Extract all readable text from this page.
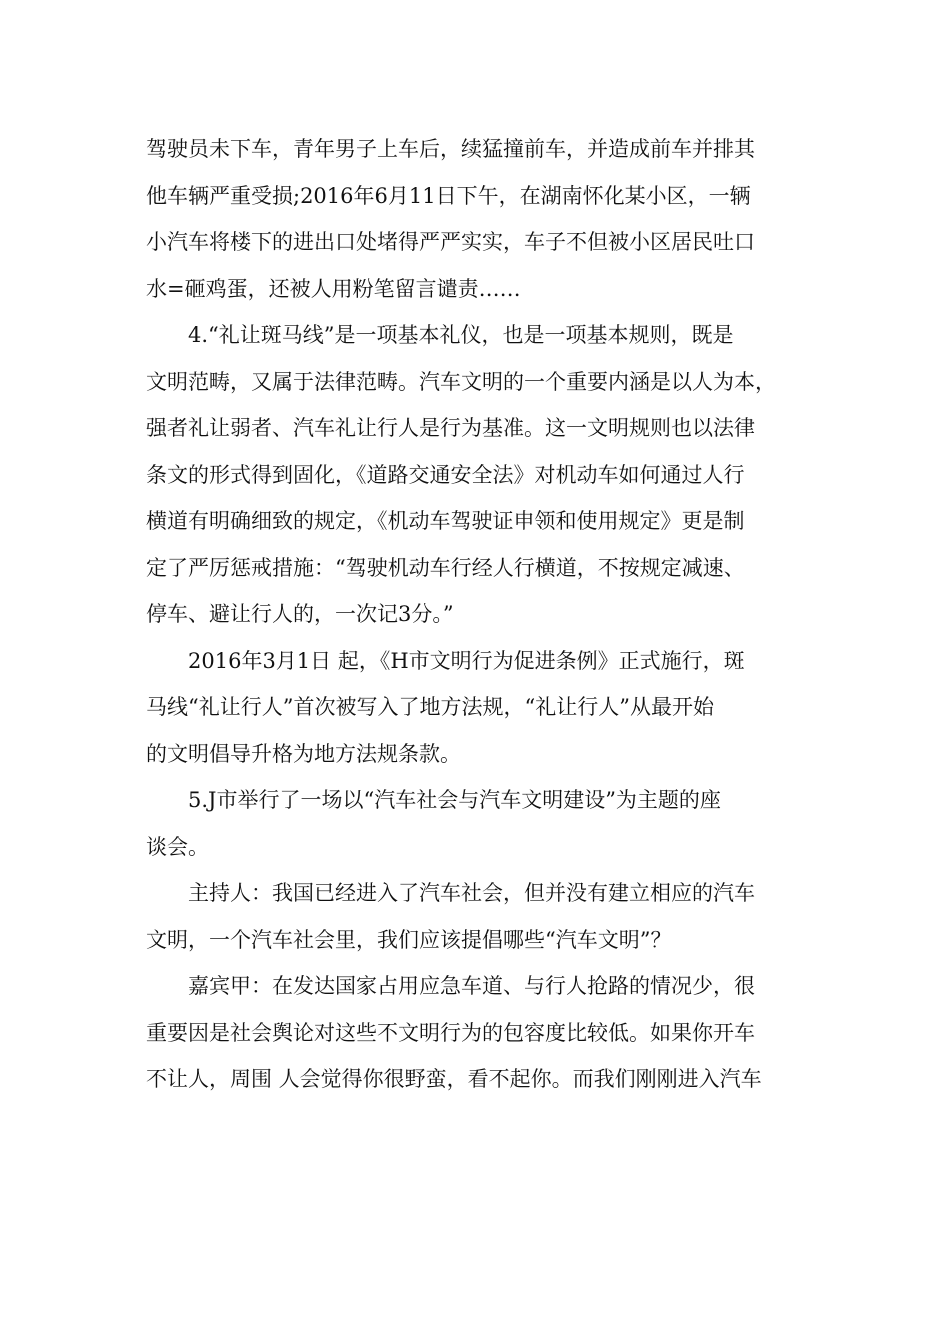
驾驶员未下车，青年男子上车后，续猛撞前车，并造成前车并排其
他车辆严重受损;2016年6月11日下午，在湖南怀化某小区，一辆
小汽车将楼下的进出口处堵得严严实实，车子不但被小区居民吐口
水=砸鸡蛋，还被人用粉笔留言谴责……
4.“礼让斑马线”是一项基本礼仪，也是一项基本规则，既是
文明范畴，又属于法律范畴。汽车文明的一个重要内涵是以人为本，
强者礼让弱者、汽车礼让行人是行为基准。这一文明规则也以法律
条文的形式得到固化，《道路交通安全法》对机动车如何通过人行
横道有明确细致的规定，《机动车驾驶证申领和使用规定》更是制
定了严厉惩戒措施：“驾驶机动车行经人行横道，不按规定减速、
停车、避让行人的，一次记3分。”
2016年3月1日 起，《H市文明行为促进条例》正式施行，斑
马线“礼让行人”首次被写入了地方法规，“礼让行人”从最开始
的文明倡导升格为地方法规条款。
5.J市举行了一场以“汽车社会与汽车文明建设”为主题的座
谈会。
主持人：我国已经进入了汽车社会，但并没有建立相应的汽车
文明，一个汽车社会里，我们应该提倡哪些“汽车文明”？
嘉宾甲：在发达国家占用应急车道、与行人抢路的情况少，很
重要因是社会舆论对这些不文明行为的包容度比较低。如果你开车
不让人，周围 人会觉得你很野蛮，看不起你。而我们刚刚进入汽车
